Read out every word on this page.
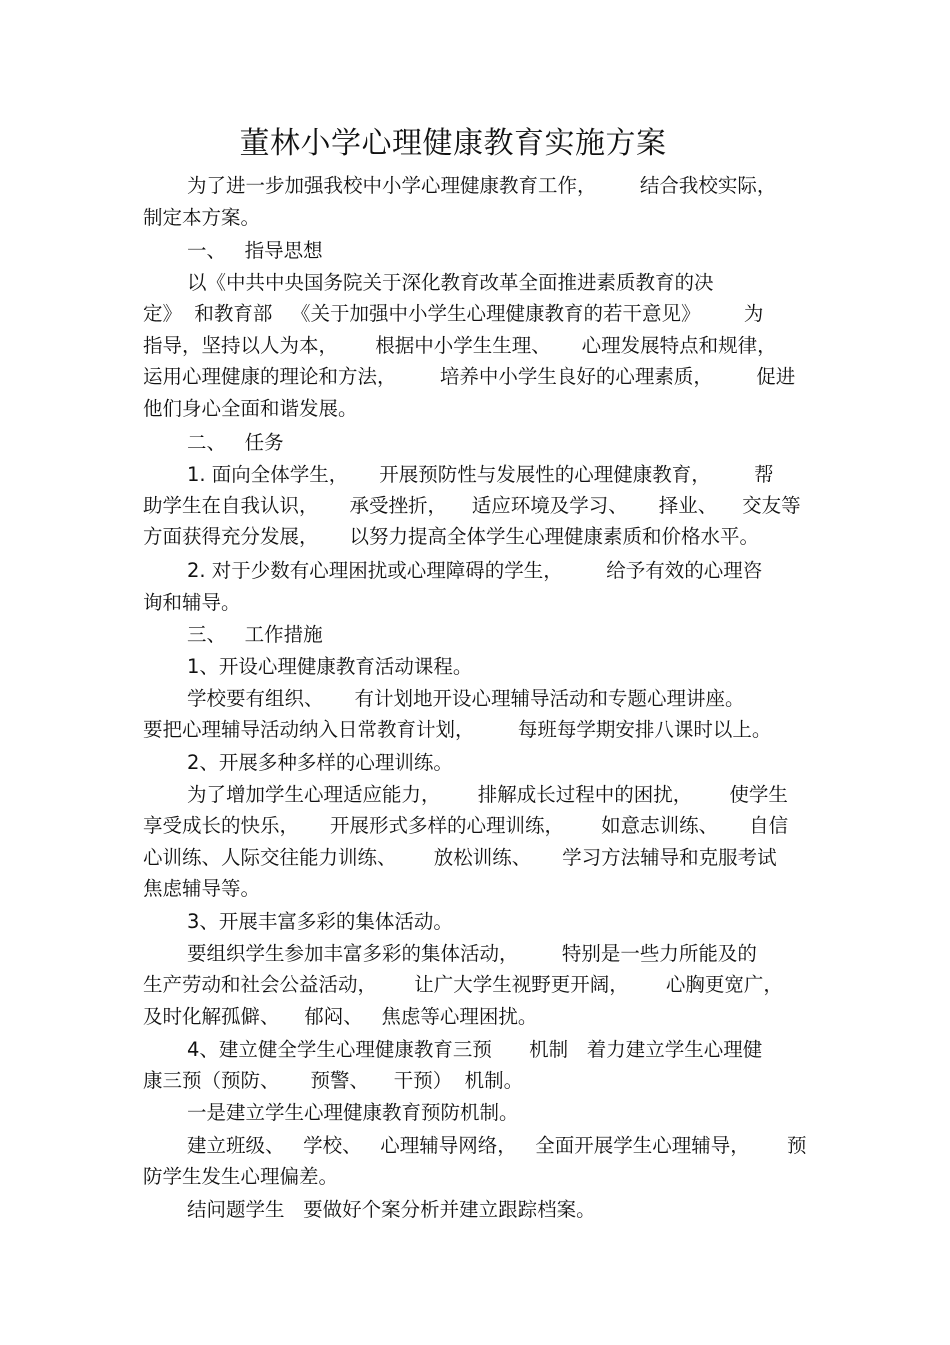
董林小学心理健康教育实施方案
为了进一步加强我校中小学心理健康教育工作，       结合我校实际，
制定本方案。
一、   指导思想
以《中共中央国务院关于深化教育改革全面推进素质教育的决
定》  和教育部   《关于加强中小学生心理健康教育的若干意见》       为
指导，坚持以人为本，      根据中小学生生理、     心理发展特点和规律，
运用心理健康的理论和方法，       培养中小学生良好的心理素质，       促进
他们身心全面和谐发展。
二、   任务
1. 面向全体学生，     开展预防性与发展性的心理健康教育，       帮
助学生在自我认识，     承受挫折，    适应环境及学习、     择业、    交友等
方面获得充分发展，     以努力提高全体学生心理健康素质和价格水平。
2. 对于少数有心理困扰或心理障碍的学生，       给予有效的心理咨
询和辅导。
三、   工作措施
1、开设心理健康教育活动课程。
学校要有组织、     有计划地开设心理辅导活动和专题心理讲座。
要把心理辅导活动纳入日常教育计划，       每班每学期安排八课时以上。
2、开展多种多样的心理训练。
为了增加学生心理适应能力，      排解成长过程中的困扰，      使学生
享受成长的快乐，     开展形式多样的心理训练，      如意志训练、     自信
心训练、人际交往能力训练、      放松训练、     学习方法辅导和克服考试
焦虑辅导等。
3、开展丰富多彩的集体活动。
要组织学生参加丰富多彩的集体活动，       特别是一些力所能及的
生产劳动和社会公益活动，      让广大学生视野更开阔，      心胸更宽广，
及时化解孤僻、    郁闷、   焦虑等心理困扰。
4、建立健全学生心理健康教育三预      机制   着力建立学生心理健
康三预（预防、     预警、    干预）  机制。
一是建立学生心理健康教育预防机制。
建立班级、   学校、   心理辅导网络，   全面开展学生心理辅导，      预
防学生发生心理偏差。
结问题学生   要做好个案分析并建立跟踪档案。
